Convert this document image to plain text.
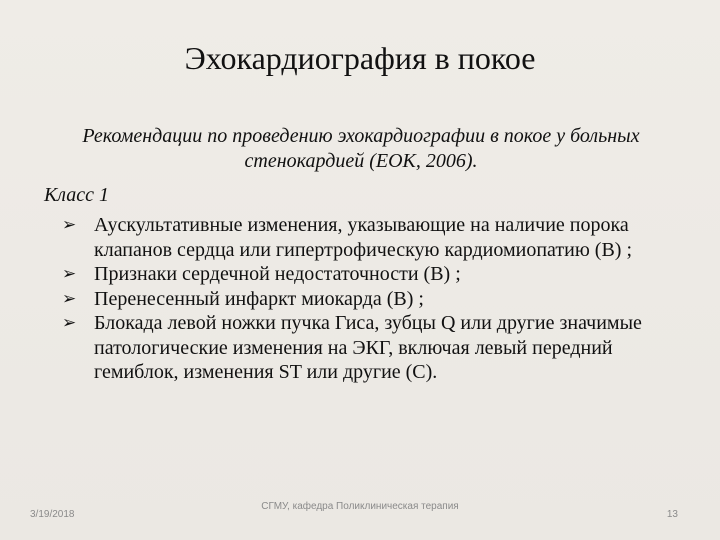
Эхокардиография в покое

Рекомендации по проведению эхокардиографии в покое у больных стенокардией (ЕОК, 2006).

Класс 1
➢ Аускультативные изменения, указывающие на наличие порока клапанов сердца или гипертрофическую кардиомиопатию (В) ;
➢ Признаки сердечной недостаточности (В) ;
➢ Перенесенный инфаркт миокарда (В) ;
➢ Блокада левой ножки пучка Гиса, зубцы Q или другие значимые патологические изменения на ЭКГ, включая левый передний гемиблок, изменения ST или другие (С).
3/19/2018
СГМУ, кафедра Поликлиническая терапия
13
